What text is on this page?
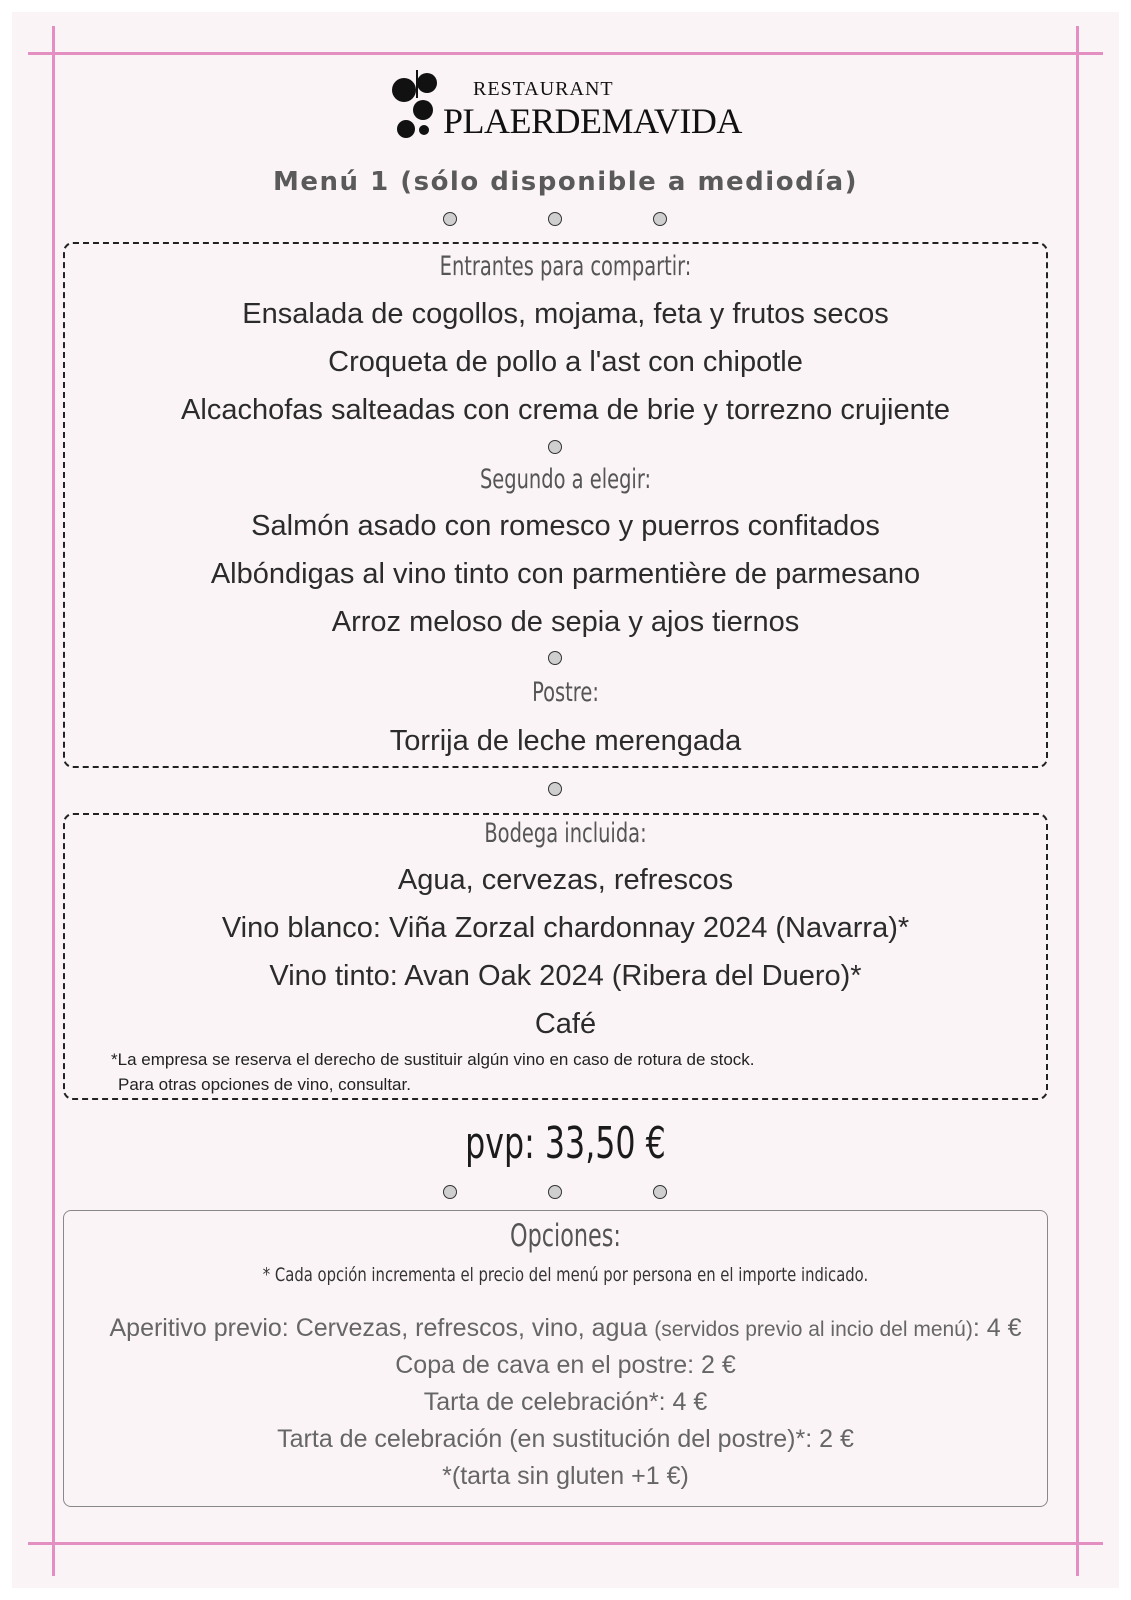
RESTAURANT
PLAERDEMAVIDA
Menú 1 (sólo disponible a mediodía)
Entrantes para compartir:
Ensalada de cogollos, mojama, feta y frutos secos
Croqueta de pollo a l'ast con chipotle
Alcachofas salteadas con crema de brie y torrezno crujiente
Segundo a elegir:
Salmón asado con romesco y puerros confitados
Albóndigas al vino tinto con parmentière de parmesano
Arroz meloso de sepia y ajos tiernos
Postre:
Torrija de leche merengada
Bodega incluida:
Agua, cervezas, refrescos
Vino blanco: Viña Zorzal chardonnay 2024 (Navarra)*
Vino tinto: Avan Oak 2024 (Ribera del Duero)*
Café
*La empresa se reserva el derecho de sustituir algún vino en caso de rotura de stock.
Para otras opciones de vino, consultar.
pvp: 33,50 €
Opciones:
* Cada opción incrementa el precio del menú por persona en el importe indicado.
Aperitivo previo: Cervezas, refrescos, vino, agua (servidos previo al incio del menú): 4 €
Copa de cava en el postre: 2 €
Tarta de celebración*: 4 €
Tarta de celebración (en sustitución del postre)*: 2 €
*(tarta sin gluten +1 €)
